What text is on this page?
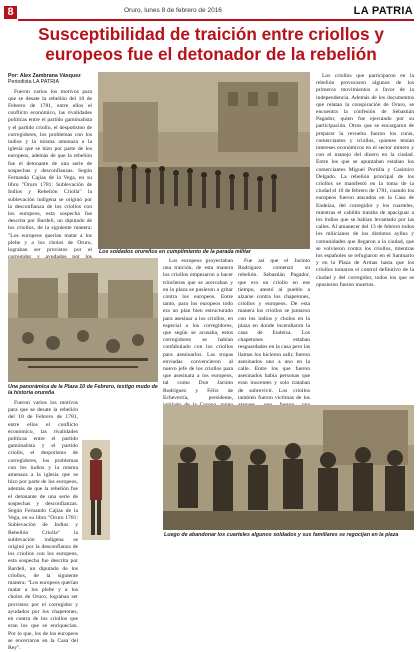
8	Oruro, lunes 8 de febrero de 2016	LA PATRIA
Susceptibilidad de traición entre criollos y europeos fue el detonador de la rebelión
Por: Alex Zambrana Vásquez
Periodista LA PATRIA

Fueron varios los motivos para que se desate la rebelión del 10 de Febrero de 1781, entre ellos el conflicto económico, las rivalidades políticas entre el partido gamónalista y el partido criollo, el despotismo de corregidores, los problemas con los indios y la misma amenaza a la iglesia que se hizo por parte de los europeos, además de que la rebelión fue el detonante de una serie de sospechas y desconfianzas. Según Fernando Cajías de la Vega, en su libro "Oruro 1781: Sublevación de Indios y Rebelión Criolla" la sublevación indígena se originó por la desconfianza de los criollos con los europeos, esta sospecha fue descrita por Bardeli, un diputado de los criollos, de la siguiente manera: "Los europeos querían matar a los plebe y a los cholos de Oruro, lograban ser provistos por el Los soldados orureños en cumplimiento de la parada militar

Los criollos que participaron en la rebelión provocaron algunos de los primeros movimientos a favor de la independencia. Además de los documentos que relatan la conspiración de Oruro, se encuentra la confesión de Sebastián Pagador, quien fue ejecutado por su participación. Otros que se encargaron de preparar la revuelta fueron los curas, comerciantes y criollos, quienes tenían intereses económicos en el sector minero y con el manejo del dinero en la ciudad. Entre los que se apuntaban estaban los comerciantes Miguel Portilla y Casimiro Delgado. La rebelión principal de los criollos se manifestó en la toma de la ciudad el 10 de febrero de 1781, cuando los europeos fueron atacados en la Casa de Endeiza, del corregidor y los cuarteles, mientras el cabildo trataba de apaciguar a los indios que se habían levantado por las calles. Al amanecer del 13 de febrero todos los milicianos de los distintos ayllus y comunidades que llegaron a la ciudad, que se volvieron contra los criollos, mientras los españoles se refugiaron en el Santuario y en la Plaza de Armas hasta que los criollos tomaron el control definitivo de la ciudad y del corregidor, todos los que se opusieron fueron muertos.

Una panorámica de la Plaza 10 de Febrero, testigo mudo de la historia orureña

Los europeos proyectaban una traición, de esta manera los criollos empezaron a hacer trincheras que se acercaban y en la plaza se pusieron a gritar contra los europeos. Entre tanto, para los europeos todo era un plan bien estructurado para asesinar a los criollos, en especial a los corregidores, que según se acusaba, estos corregidores se habían confabulado con los criollos para asesinarlos. Las tropas enviadas convencieron al nuevo jefe de los criollos para que asesinara a los europeos, tal como Don Jacinto Rodríguez y Félix de Echeverría, presidente,

Fue así que el Jacinto Rodríguez comenzó su rebelión. Sebastián Pagador, que era un criollo en ese tiempo, atentó al pueblo a alzarse contra los chapetones, criollos y europeos. De esta manera los criollos se juntaron con los indios y cholos en la plaza en donde incendiaron la casa de Endeiza. Los chapetones estaban resguardados en la casa pero las llamas los hicieron salir, fueron asesinados uno a uno en la calle. Entre los que fueron asesinados había personas que eran inocentes y solo trataban de sobrevivir. Los criollos también fueron víctimas de los

Fueron varios los motivos para que se desate la rebelión del 10 de Febrero de 1781, entre ellos el conflicto económico, las rivalidades políticas entre el partido gamónalista y el partido criollo, el despotismo de corregidores, los problemas con los indios y la misma amenaza a la iglesia que se hizo por parte de los europeos, además de que la rebelión fue el detonante de una serie de sospechas y desconfianzas. Según Fernando Cajías de la Vega, en su libro "Oruro 1781: Sublevación de Indios y Rebelión Criolla" la sublevación indígena se originó por la desconfianza de los criollos con los europeos, esta sospecha fue descrita por Bardeli, un diputado de los criollos, de la siguiente manera: "Los europeos querían matar a los plebe y a los cholos de Oruro, lograban ser provistos por el corregidor y ayudados por los chapetones, en contra de los criollos que eran los que se enriquecían. Por lo que, los de los europeos se encerraron en la Casa del Rey".

Luego de abandonar los cuarteles algunos soldados y sus familiares se regocijan en la plaza
